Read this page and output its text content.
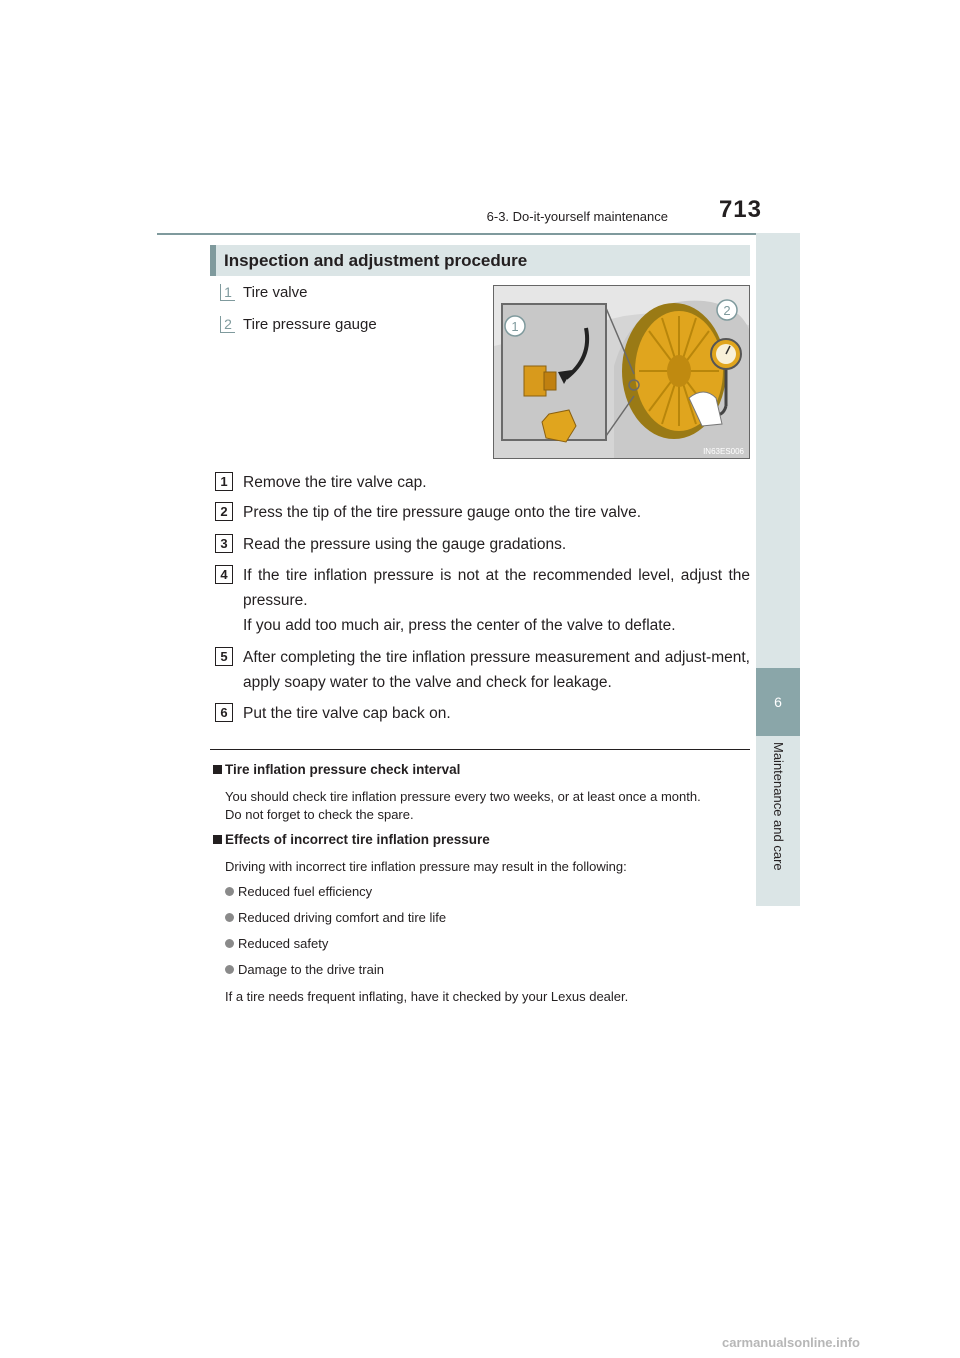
6-3. Do-it-yourself maintenance	713
6
Maintenance and care
Inspection and adjustment procedure
1 Tire valve
2 Tire pressure gauge	1
2
IN63ES006
1 Remove the tire valve cap.
2 Press the tip of the tire pressure gauge onto the tire valve.
3 Read the pressure using the gauge gradations.
4 If the tire inflation pressure is not at the recommended level, adjust the pressure.
If you add too much air, press the center of the valve to deflate.
5 After completing the tire inflation pressure measurement and adjust-ment, apply soapy water to the valve and check for leakage.
6 Put the tire valve cap back on.
Tire inflation pressure check interval
You should check tire inflation pressure every two weeks, or at least once a month.
Do not forget to check the spare.
Effects of incorrect tire inflation pressure
Driving with incorrect tire inflation pressure may result in the following:
Reduced fuel efficiency
Reduced driving comfort and tire life
Reduced safety
Damage to the drive train
If a tire needs frequent inflating, have it checked by your Lexus dealer.
carmanualsonline.info
